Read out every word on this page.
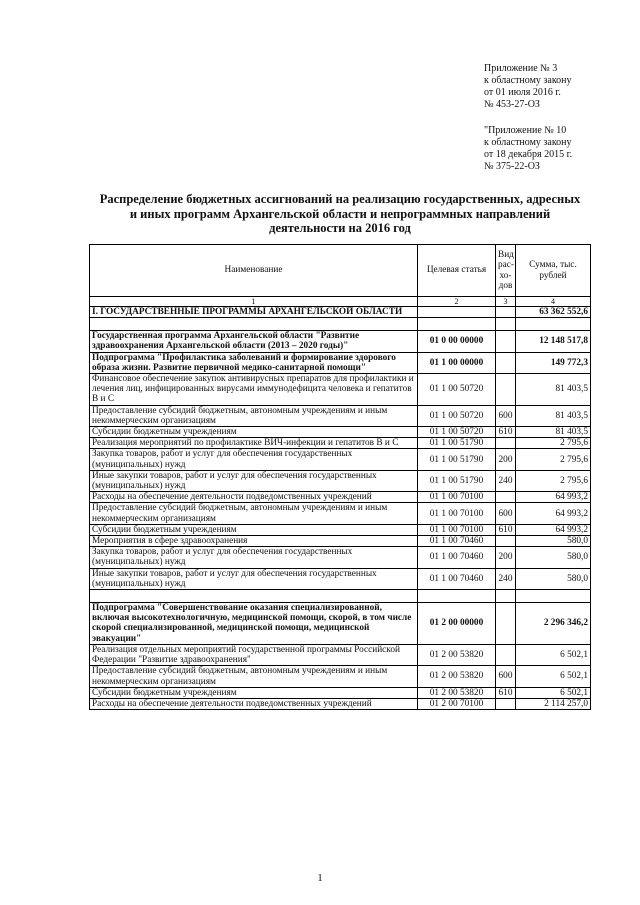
Приложение № 3
к областному закону
от 01 июля 2016 г.
№ 453-27-ОЗ
"Приложение № 10
к областному закону
от 18 декабря 2015 г.
№ 375-22-ОЗ
Распределение бюджетных ассигнований на реализацию государственных, адресных
и иных программ Архангельской области и непрограммных направлений
деятельности на 2016 год
Наименование	Целевая статья	Вид рас-хо-дов	Сумма, тыс. рублей
1	2	3	4
I. ГОСУДАРСТВЕННЫЕ ПРОГРАММЫ АРХАНГЕЛЬСКОЙ ОБЛАСТИ			63 362 552,6

Государственная программа Архангельской области "Развитие здравоохранения Архангельской области (2013 – 2020 годы)"	01 0 00 00000		12 148 517,8
Подпрограмма "Профилактика заболеваний и формирование здорового образа жизни. Развитие первичной медико-санитарной помощи"	01 1 00 00000		149 772,3
Финансовое обеспечение закупок антивирусных препаратов для профилактики и лечения лиц, инфицированных вирусами иммунодефицита человека и гепатитов В и С	01 1 00 50720		81 403,5
Предоставление субсидий бюджетным, автономным учреждениям и иным некоммерческим организациям	01 1 00 50720	600	81 403,5
Субсидии бюджетным учреждениям	01 1 00 50720	610	81 403,5
Реализация мероприятий по профилактике ВИЧ-инфекции и гепатитов В и С	01 1 00 51790		2 795,6
Закупка товаров, работ и услуг для обеспечения государственных (муниципальных) нужд	01 1 00 51790	200	2 795,6
Иные закупки товаров, работ и услуг для обеспечения государственных (муниципальных) нужд	01 1 00 51790	240	2 795,6
Расходы на обеспечение деятельности подведомственных учреждений	01 1 00 70100		64 993,2
Предоставление субсидий бюджетным, автономным учреждениям и иным некоммерческим организациям	01 1 00 70100	600	64 993,2
Субсидии бюджетным учреждениям	01 1 00 70100	610	64 993,2
Мероприятия в сфере здравоохранения	01 1 00 70460		580,0
Закупка товаров, работ и услуг для обеспечения государственных (муниципальных) нужд	01 1 00 70460	200	580,0
Иные закупки товаров, работ и услуг для обеспечения государственных (муниципальных) нужд	01 1 00 70460	240	580,0

Подпрограмма "Совершенствование оказания специализированной, включая высокотехнологичную, медицинской помощи, скорой, в том числе скорой специализированной, медицинской помощи, медицинской эвакуации"	01 2 00 00000		2 296 346,2
Реализация отдельных мероприятий государственной программы Российской Федерации "Развитие здравоохранения"	01 2 00 53820		6 502,1
Предоставление субсидий бюджетным, автономным учреждениям и иным некоммерческим организациям	01 2 00 53820	600	6 502,1
Субсидии бюджетным учреждениям	01 2 00 53820	610	6 502,1
Расходы на обеспечение деятельности подведомственных учреждений	01 2 00 70100		2 114 257,0
1
